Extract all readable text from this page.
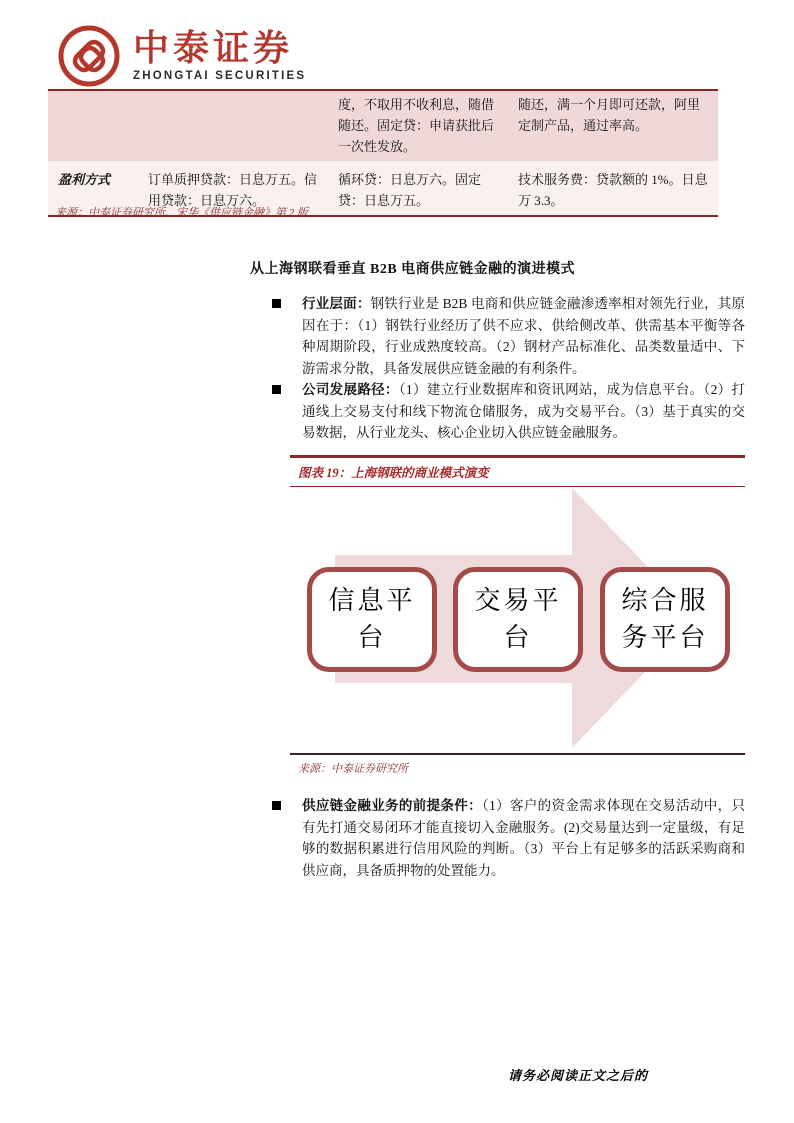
中泰证券
ZHONGTAI SECURITIES
度，不取用不收利息，随借随还。固定贷：申请获批后一次性发放。
随还，满一个月即可还款，阿里定制产品，通过率高。
盈利方式	订单质押贷款：日息万五。信用贷款：日息万六。
循环贷：日息万六。固定贷：日息万五。
技术服务费：贷款额的 1%。日息万 3.3。
来源：中泰证券研究所、宋华《供应链金融》第 2 版
从上海钢联看垂直 B2B 电商供应链金融的演进模式
行业层面：钢铁行业是 B2B 电商和供应链金融渗透率相对领先行业，其原因在于：（1）钢铁行业经历了供不应求、供给侧改革、供需基本平衡等各种周期阶段，行业成熟度较高。（2）钢材产品标准化、品类数量适中、下游需求分散，具备发展供应链金融的有利条件。
公司发展路径：（1）建立行业数据库和资讯网站，成为信息平台。（2）打通线上交易支付和线下物流仓储服务，成为交易平台。（3）基于真实的交易数据，从行业龙头、核心企业切入供应链金融服务。
图表 19：上海钢联的商业模式演变
信息平台
交易平台
综合服务平台
来源：中泰证券研究所
供应链金融业务的前提条件：（1）客户的资金需求体现在交易活动中，只有先打通交易闭环才能直接切入金融服务。(2)交易量达到一定量级，有足够的数据积累进行信用风险的判断。（3）平台上有足够多的活跃采购商和供应商，具备质押物的处置能力。
请务必阅读正文之后的
